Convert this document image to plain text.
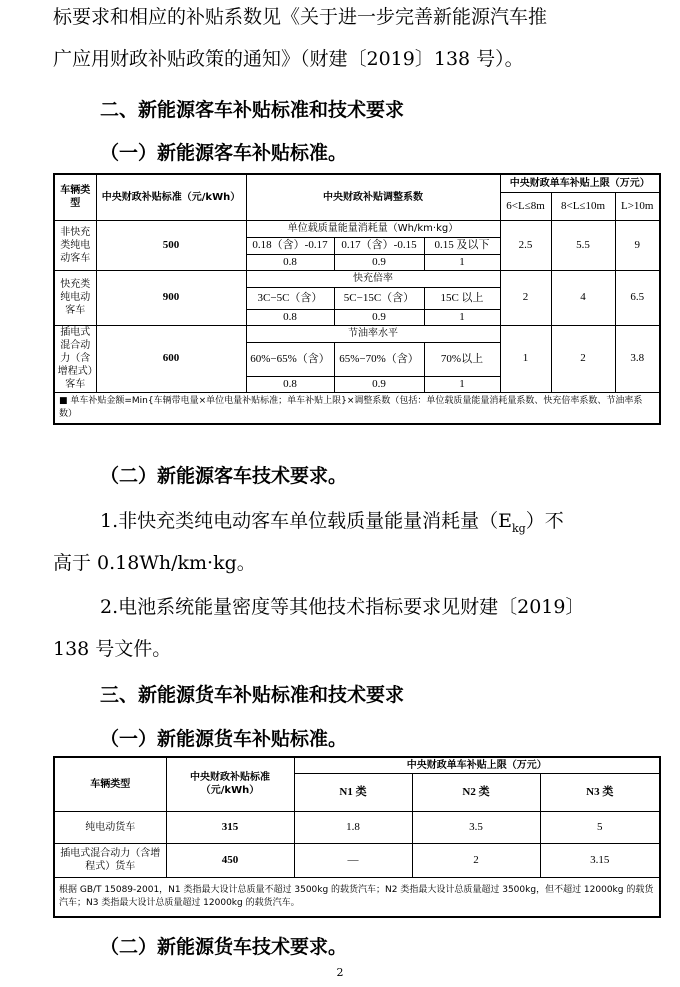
标要求和相应的补贴系数见《关于进一步完善新能源汽车推
广应用财政补贴政策的通知》（财建〔2019〕138 号）。
二、新能源客车补贴标准和技术要求
（一）新能源客车补贴标准。
车辆类型	中央财政补贴标准（元/kWh）	中央财政补贴调整系数			中央财政单车补贴上限（万元）		
					6<L≤8m	8<L≤10m	L>10m
非快充类纯电动客车	500	单位载质量能量消耗量（Wh/km·kg）			2.5	5.5	9
		0.18（含）-0.17	0.17（含）-0.15	0.15 及以下			
		0.8	0.9	1			
快充类纯电动客车	900	快充倍率			2	4	6.5
		3C−5C（含）	5C−15C（含）	15C 以上			
		0.8	0.9	1			
插电式混合动力（含增程式）客车	600	节油率水平			1	2	3.8
		60%−65%（含）	65%−70%（含）	70%以上			
		0.8	0.9	1			
■ 单车补贴金额=Min{车辆带电量×单位电量补贴标准；单车补贴上限}×调整系数（包括：单位载质量能量消耗量系数、快充倍率系数、节油率系数）							
（二）新能源客车技术要求。
1.非快充类纯电动客车单位载质量能量消耗量$(E_{kg})$不
高于 0.18Wh/km·kg。
2.电池系统能量密度等其他技术指标要求见财建〔2019〕
138 号文件。
三、新能源货车补贴标准和技术要求
（一）新能源货车补贴标准。
车辆类型	中央财政补贴标准（元/kWh）	中央财政单车补贴上限（万元）		
		N1 类	N2 类	N3 类
纯电动货车	315	1.8	3.5	5
插电式混合动力（含增程式）货车	450	—	2	3.15
根据 GB/T 15089-2001，N1 类指最大设计总质量不超过 3500kg 的载货汽车；N2 类指最大设计总质量超过 3500kg，但不超过 12000kg 的载货汽车；N3 类指最大设计总质量超过 12000kg 的载货汽车。				
（二）新能源货车技术要求。
2
